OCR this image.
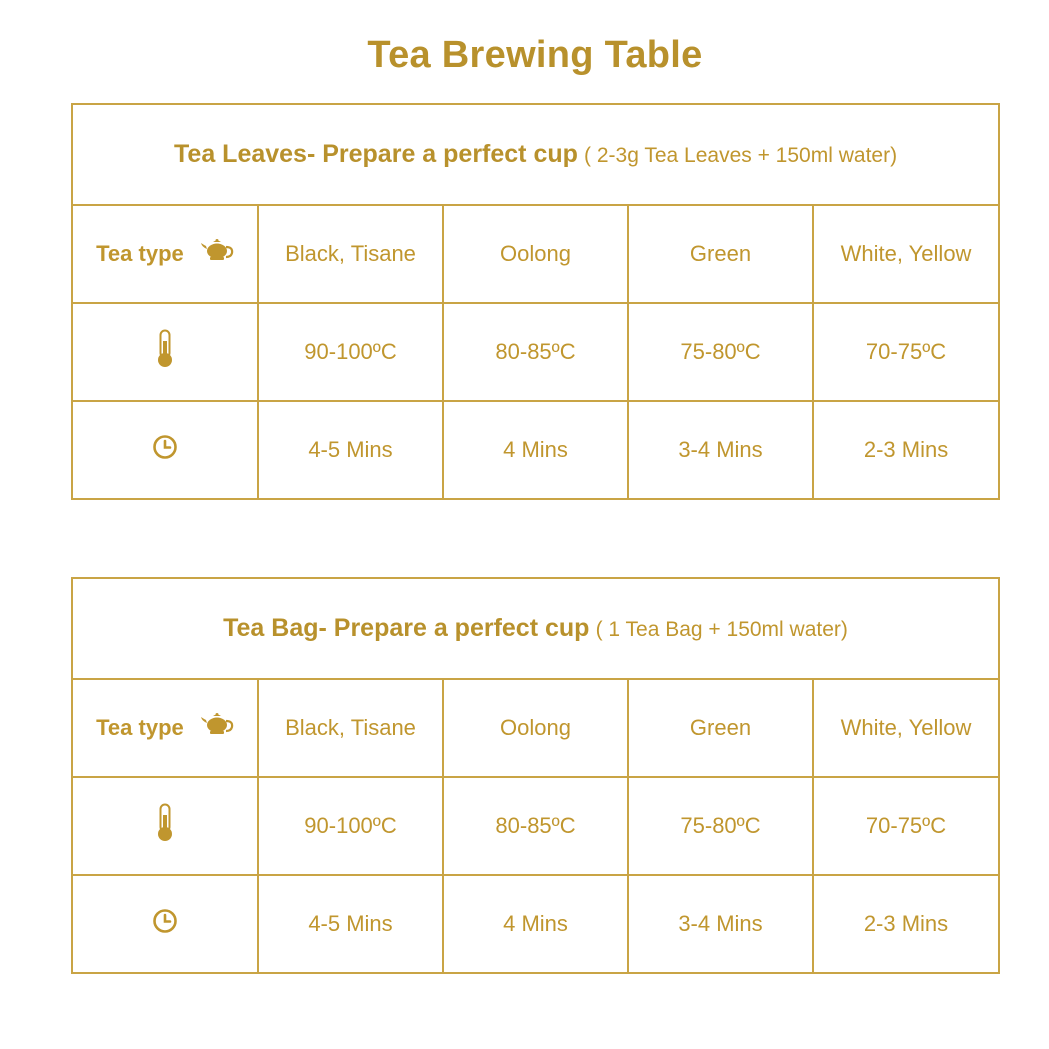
Tea Brewing Table
Tea Leaves- Prepare a perfect cup ( 2-3g Tea Leaves + 150ml water)				
Tea type	Black, Tisane	Oolong	Green	White, Yellow
	90-100ºC	80-85ºC	75-80ºC	70-75ºC
	4-5 Mins	4 Mins	3-4 Mins	2-3 Mins
Tea Bag- Prepare a perfect cup ( 1 Tea Bag + 150ml water)				
Tea type	Black, Tisane	Oolong	Green	White, Yellow
	90-100ºC	80-85ºC	75-80ºC	70-75ºC
	4-5 Mins	4 Mins	3-4 Mins	2-3 Mins
